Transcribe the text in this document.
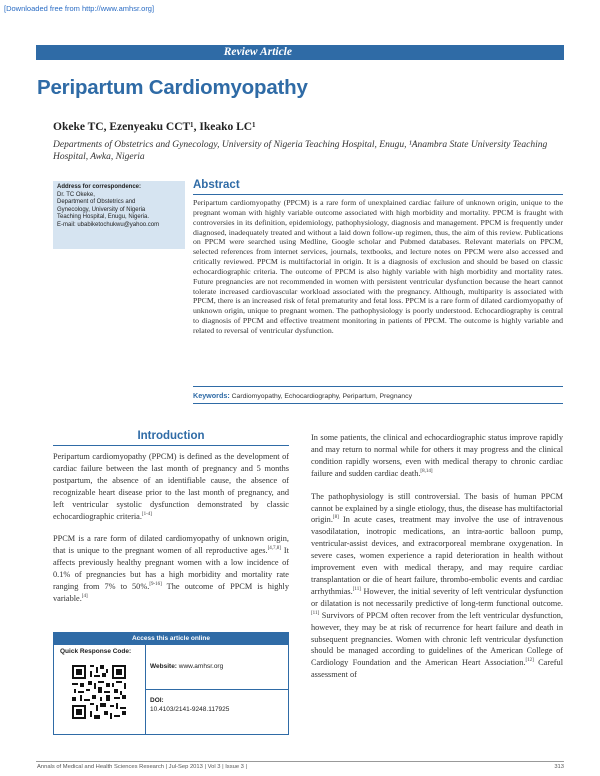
[Downloaded free from http://www.amhsr.org]
Review Article
Peripartum Cardiomyopathy
Okeke TC, Ezenyeaku CCT¹, Ikeako LC¹
Departments of Obstetrics and Gynecology, University of Nigeria Teaching Hospital, Enugu, ¹Anambra State University Teaching Hospital, Awka, Nigeria
Address for correspondence:
Dr. TC Okeke,
Department of Obstetrics and
Gynecology, University of Nigeria
Teaching Hospital, Enugu, Nigeria.
E-mail: ubabiketochukwu@yahoo.com
Abstract
Peripartum cardiomyopathy (PPCM) is a rare form of unexplained cardiac failure of unknown origin, unique to the pregnant woman with highly variable outcome associated with high morbidity and mortality. PPCM is fraught with controversies in its definition, epidemiology, pathophysiology, diagnosis and management. PPCM is frequently under diagnosed, inadequately treated and without a laid down follow-up regimen, thus, the aim of this review. Publications on PPCM were searched using Medline, Google scholar and Pubmed databases. Relevant materials on PPCM, selected references from internet services, journals, textbooks, and lecture notes on PPCM were also accessed and critically reviewed. PPCM is multifactorial in origin. It is a diagnosis of exclusion and should be based on classic echocardiographic criteria. The outcome of PPCM is also highly variable with high morbidity and mortality rates. Future pregnancies are not recommended in women with persistent ventricular dysfunction because the heart cannot tolerate increased cardiovascular workload associated with the pregnancy. Although, multiparity is associated with PPCM, there is an increased risk of fetal prematurity and fetal loss. PPCM is a rare form of dilated cardiomyopathy of unknown origin, unique to pregnant women. The pathophysiology is poorly understood. Echocardiography is central to diagnosis of PPCM and effective treatment monitoring in patients of PPCM. The outcome is highly variable and related to reversal of ventricular dysfunction.
Keywords: Cardiomyopathy, Echocardiography, Peripartum, Pregnancy
Introduction

Peripartum cardiomyopathy (PPCM) is defined as the development of cardiac failure between the last month of pregnancy and 5 months postpartum, the absence of an identifiable cause, the absence of recognizable heart disease prior to the last month of pregnancy, and left ventricular systolic dysfunction demonstrated by classic echocardiographic criteria.[1-4]

PPCM is a rare form of dilated cardiomyopathy of unknown origin, that is unique to the pregnant women of all reproductive ages.[4,7,8] It affects previously healthy pregnant women with a low incidence of 0.1% of pregnancies but has a high morbidity and mortality rate ranging from 7% to 50%.[9-16] The outcome of PPCM is highly variable.[4]

Access this article online
Quick Response Code:
Website: www.amhsr.org
DOI:
10.4103/2141-9248.117925

In some patients, the clinical and echocardiographic status improve rapidly and may return to normal while for others it may progress and the clinical condition rapidly worsens, even with medical therapy to chronic cardiac failure and sudden cardiac death.[8,14]

The pathophysiology is still controversial. The basis of human PPCM cannot be explained by a single etiology, thus, the disease has multifactorial origin.[8] In acute cases, treatment may involve the use of intravenous vasodilatation, inotropic medications, an intra-aortic balloon pump, ventricular-assist devices, and extracorporeal membrane oxygenation. In severe cases, women experience a rapid deterioration in health without improvement even with medical therapy, and may require cardiac transplantation or die of heart failure, thrombo-embolic events and cardiac arrhythmias.[11] However, the initial severity of left ventricular dysfunction or dilatation is not necessarily predictive of long-term functional outcome.[11] Survivors of PPCM often recover from the left ventricular dysfunction, however, they may be at risk of recurrence for heart failure and death in subsequent pregnancies. Women with chronic left ventricular dysfunction should be managed according to guidelines of the American College of Cardiology Foundation and the American Heart Association.[12] Careful assessment of

Annals of Medical and Health Sciences Research | Jul-Sep 2013 | Vol 3 | Issue 3 |	313
